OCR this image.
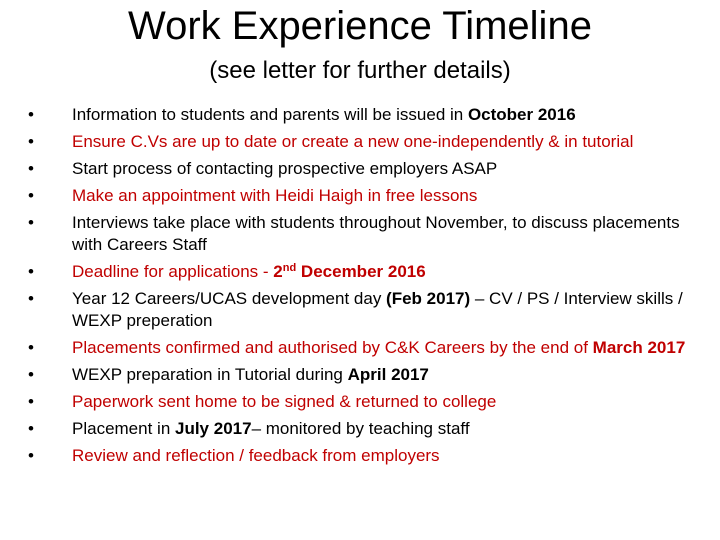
Work Experience Timeline
(see letter for further details)
• Information to students and parents will be issued in October 2016
• Ensure C.Vs are up to date or create a new one-independently & in tutorial
• Start process of contacting prospective employers ASAP
• Make an appointment with Heidi Haigh in free lessons
• Interviews take place with students throughout November, to discuss placements with Careers Staff
• Deadline for applications - 2nd December 2016
• Year 12 Careers/UCAS development day (Feb 2017) – CV / PS / Interview skills / WEXP preperation
• Placements confirmed and authorised by C&K Careers by the end of March 2017
• WEXP preparation in Tutorial during April 2017
• Paperwork sent home to be signed & returned to college
• Placement in July 2017– monitored by teaching staff
• Review and reflection / feedback from employers
